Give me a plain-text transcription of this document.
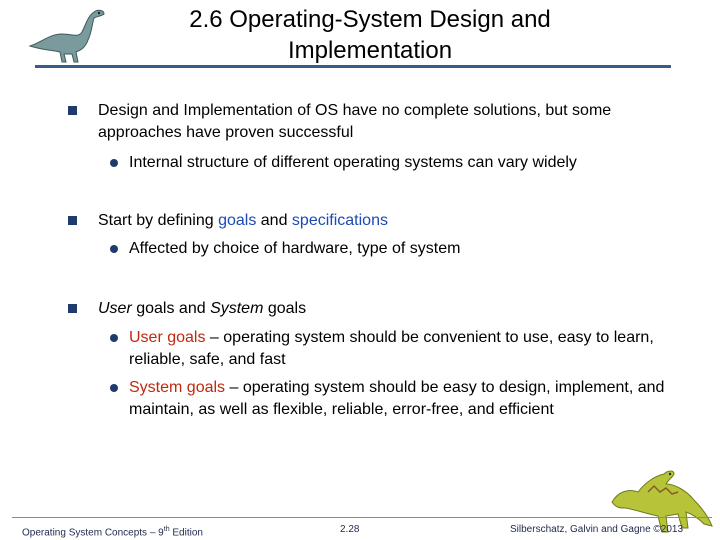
2.6 Operating-System Design and
Implementation
Design and Implementation of OS have no complete solutions, but some approaches have proven successful
Internal structure of different operating systems can vary widely
Start by defining goals and specifications
Affected by choice of hardware, type of system
User goals and System goals
User goals – operating system should be convenient to use, easy to learn, reliable, safe, and fast
System goals – operating system should be easy to design, implement, and maintain, as well as flexible, reliable, error-free, and efficient
Operating System Concepts – 9th Edition	2.28	Silberschatz, Galvin and Gagne ©2013
